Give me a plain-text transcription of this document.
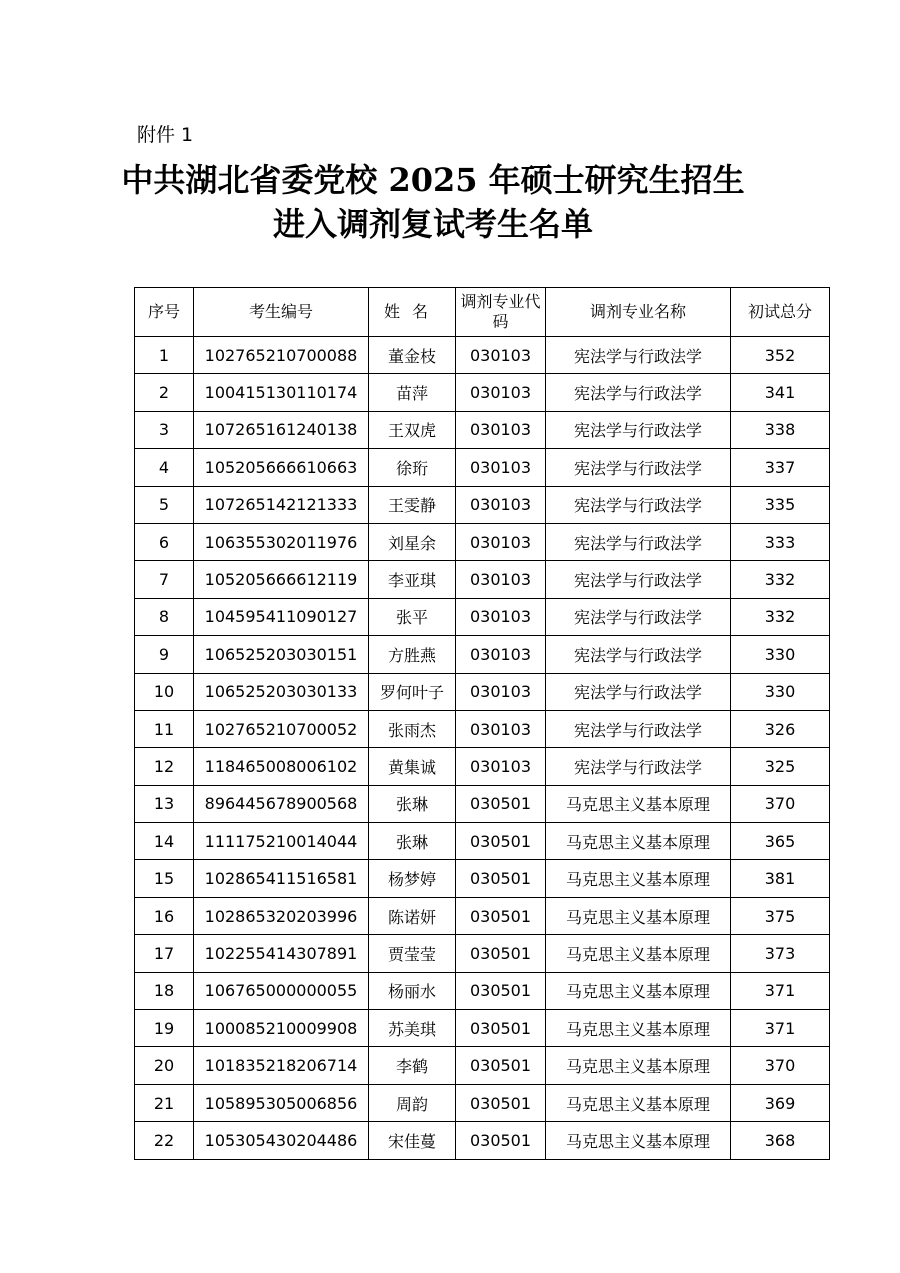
附件 1
中共湖北省委党校 2025 年硕士研究生招生
进入调剂复试考生名单
序号	考生编号	姓名	调剂专业代码	调剂专业名称	初试总分
1	102765210700088	董金枝	030103	宪法学与行政法学	352
2	100415130110174	苗萍	030103	宪法学与行政法学	341
3	107265161240138	王双虎	030103	宪法学与行政法学	338
4	105205666610663	徐珩	030103	宪法学与行政法学	337
5	107265142121333	王雯静	030103	宪法学与行政法学	335
6	106355302011976	刘星余	030103	宪法学与行政法学	333
7	105205666612119	李亚琪	030103	宪法学与行政法学	332
8	104595411090127	张平	030103	宪法学与行政法学	332
9	106525203030151	方胜燕	030103	宪法学与行政法学	330
10	106525203030133	罗何叶子	030103	宪法学与行政法学	330
11	102765210700052	张雨杰	030103	宪法学与行政法学	326
12	118465008006102	黄集诚	030103	宪法学与行政法学	325
13	896445678900568	张琳	030501	马克思主义基本原理	370
14	111175210014044	张琳	030501	马克思主义基本原理	365
15	102865411516581	杨梦婷	030501	马克思主义基本原理	381
16	102865320203996	陈诺妍	030501	马克思主义基本原理	375
17	102255414307891	贾莹莹	030501	马克思主义基本原理	373
18	106765000000055	杨丽水	030501	马克思主义基本原理	371
19	100085210009908	苏美琪	030501	马克思主义基本原理	371
20	101835218206714	李鹤	030501	马克思主义基本原理	370
21	105895305006856	周韵	030501	马克思主义基本原理	369
22	105305430204486	宋佳蔓	030501	马克思主义基本原理	368
